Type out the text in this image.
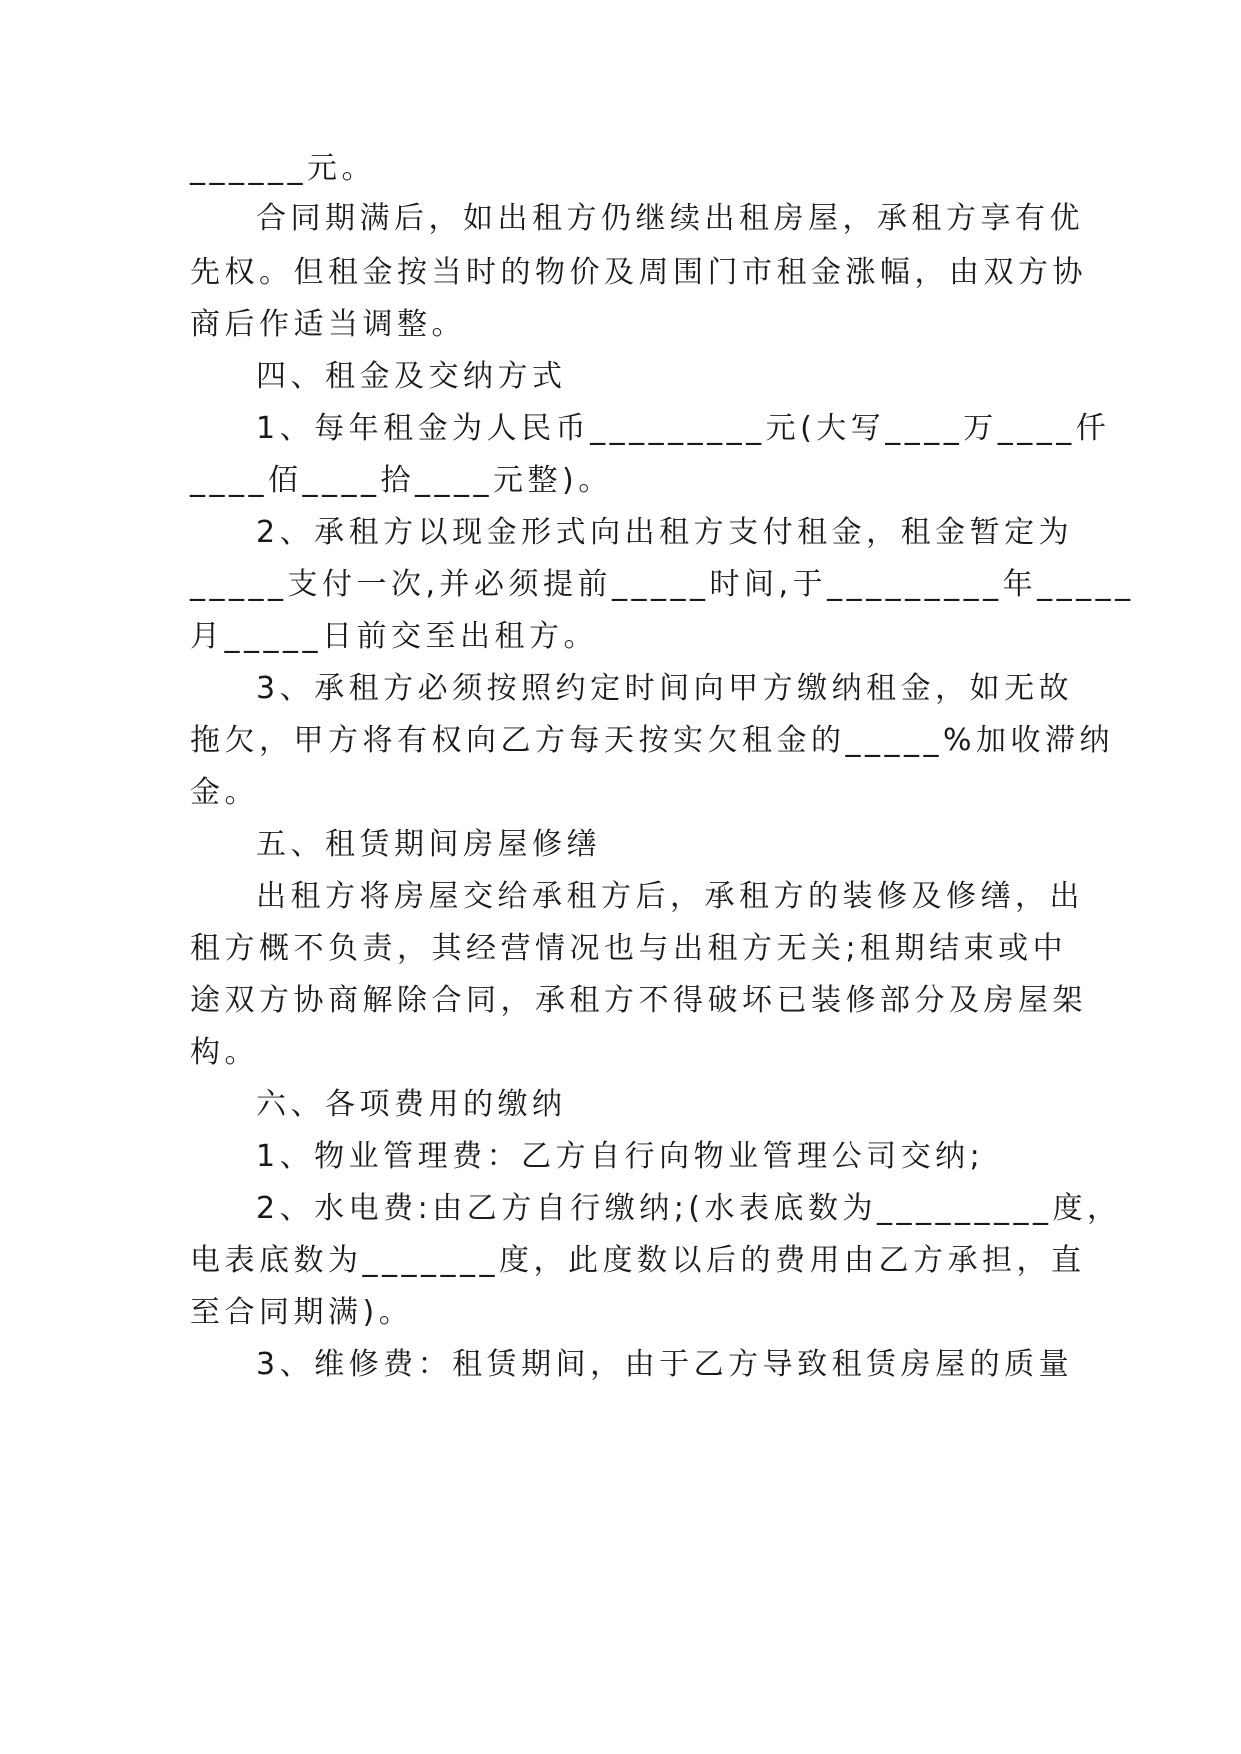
______元。
合同期满后，如出租方仍继续出租房屋，承租方享有优
先权。但租金按当时的物价及周围门市租金涨幅，由双方协
商后作适当调整。
四、租金及交纳方式
1、每年租金为人民币_________元(大写____万____仟
____佰____拾____元整)。
2、承租方以现金形式向出租方支付租金，租金暂定为
_____支付一次,并必须提前_____时间,于_________年_____
月_____日前交至出租方。
3、承租方必须按照约定时间向甲方缴纳租金，如无故
拖欠，甲方将有权向乙方每天按实欠租金的_____%加收滞纳
金。
五、租赁期间房屋修缮
出租方将房屋交给承租方后，承租方的装修及修缮，出
租方概不负责，其经营情况也与出租方无关;租期结束或中
途双方协商解除合同，承租方不得破坏已装修部分及房屋架
构。
六、各项费用的缴纳
1、物业管理费：乙方自行向物业管理公司交纳;
2、水电费:由乙方自行缴纳;(水表底数为_________度，
电表底数为_______度，此度数以后的费用由乙方承担，直
至合同期满)。
3、维修费：租赁期间，由于乙方导致租赁房屋的质量
